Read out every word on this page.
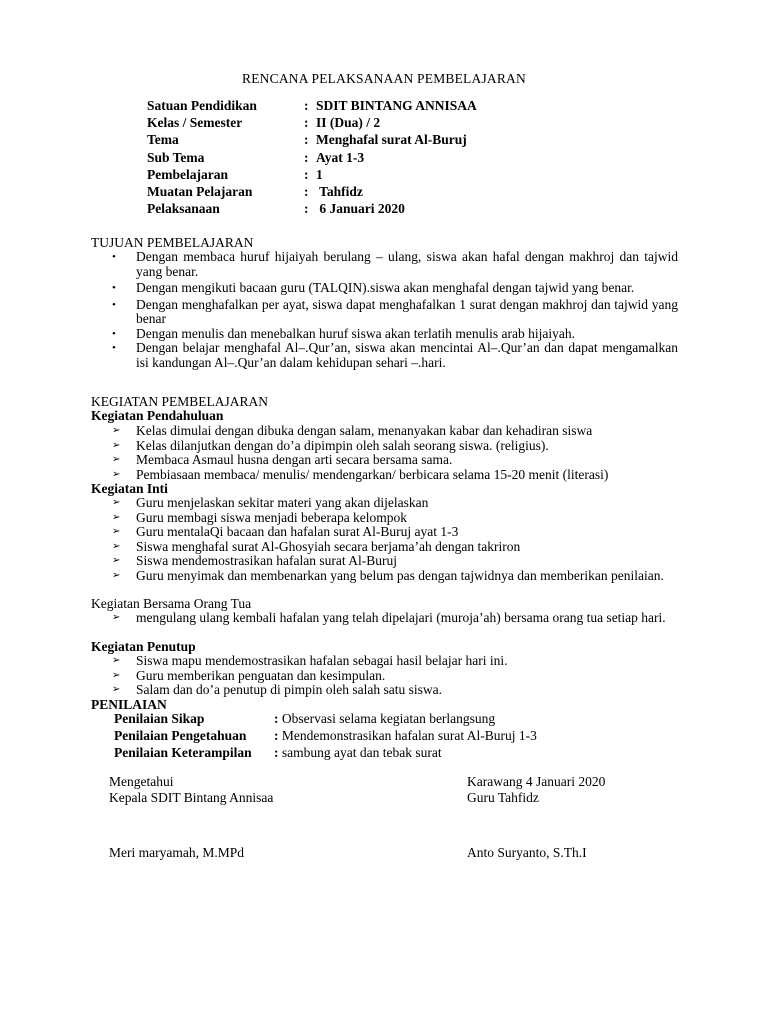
RENCANA PELAKSANAAN PEMBELAJARAN
Satuan Pendidikan	: SDIT BINTANG ANNISAA
Kelas / Semester	: II (Dua) / 2
Tema	: Menghafal surat Al-Buruj
Sub Tema	: Ayat 1-3
Pembelajaran	: 1
Muatan Pelajaran	: Tahfidz
Pelaksanaan	: 6 Januari 2020
TUJUAN PEMBELAJARAN
•	Dengan membaca huruf hijaiyah berulang – ulang, siswa akan hafal dengan makhroj dan tajwid yang benar.
•	Dengan mengikuti bacaan guru (TALQIN).siswa akan menghafal dengan tajwid yang benar.
•	Dengan menghafalkan per ayat, siswa dapat menghafalkan 1 surat dengan makhroj dan tajwid yang benar
•	Dengan menulis dan menebalkan huruf siswa akan terlatih menulis arab hijaiyah.
•	Dengan belajar menghafal Al–.Qur’an, siswa akan mencintai Al–.Qur’an dan dapat mengamalkan isi kandungan Al–.Qur’an dalam kehidupan sehari –.hari.
KEGIATAN PEMBELAJARAN
Kegiatan Pendahuluan
➢	Kelas dimulai dengan dibuka dengan salam, menanyakan kabar dan kehadiran siswa
➢	Kelas dilanjutkan dengan do’a dipimpin oleh salah seorang siswa. (religius).
➢	Membaca Asmaul husna dengan arti secara bersama sama.
➢	Pembiasaan membaca/ menulis/ mendengarkan/ berbicara selama 15-20 menit (literasi)
Kegiatan Inti
➢	Guru menjelaskan sekitar materi yang akan dijelaskan
➢	Guru membagi siswa menjadi beberapa kelompok
➢	Guru mentalaQi bacaan dan hafalan surat Al-Buruj ayat 1-3
➢	Siswa menghafal surat Al-Ghosyiah secara berjama’ah dengan takriron
➢	Siswa mendemostrasikan hafalan surat Al-Buruj
➢	Guru menyimak dan membenarkan yang belum pas dengan tajwidnya dan memberikan penilaian.
Kegiatan Bersama Orang Tua
➢	mengulang ulang kembali hafalan yang telah dipelajari (muroja’ah) bersama orang tua setiap hari.
Kegiatan Penutup
➢	Siswa mapu mendemostrasikan hafalan sebagai hasil belajar hari ini.
➢	Guru memberikan penguatan dan kesimpulan.
➢	Salam dan do’a penutup di pimpin oleh salah satu siswa.
PENILAIAN
Penilaian Sikap	: Observasi selama kegiatan berlangsung
Penilaian Pengetahuan : Mendemonstrasikan hafalan surat Al-Buruj 1-3
Penilaian Keterampilan : sambung ayat dan tebak surat
Mengetahui
Kepala SDIT Bintang Annisaa
Meri maryamah, M.MPd
Karawang 4 Januari 2020
Guru Tahfidz
Anto Suryanto, S.Th.I
